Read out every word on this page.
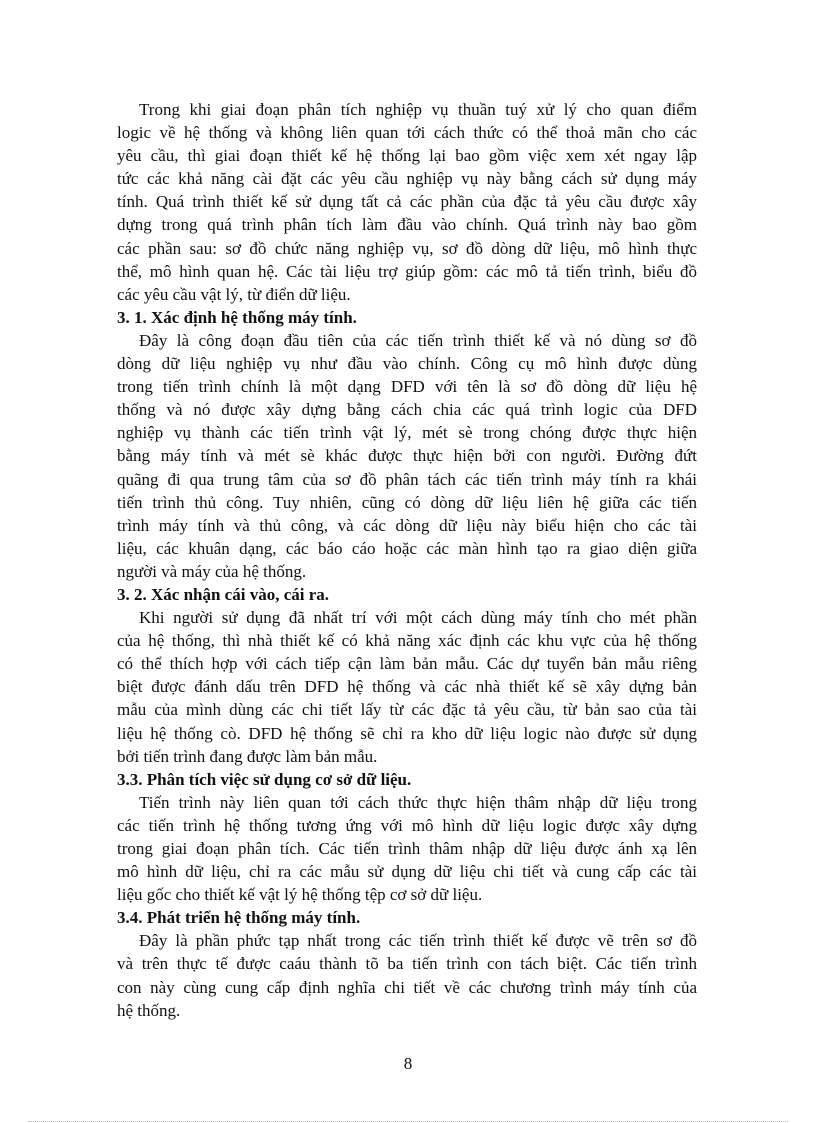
Trong khi giai đoạn phân tích nghiệp vụ thuần tuý xử lý cho quan điểm
logic về hệ thống và không liên quan tới cách thức có thể thoả mãn cho các
yêu cầu, thì giai đoạn thiết kế hệ thống lại bao gồm việc xem xét ngay lập
tức các khả năng cài đặt các yêu cầu nghiệp vụ này bằng cách sử dụng máy
tính. Quá trình thiết kế sử dụng tất cả các phần của đặc tả yêu cầu được xây
dựng trong quá trình phân tích làm đầu vào chính. Quá trình này bao gồm
các phần sau: sơ đồ chức năng nghiệp vụ, sơ đồ dòng dữ liệu, mô hình thực
thể, mô hình quan hệ. Các tài liệu trợ giúp gồm: các mô tả tiến trình, biểu đồ
các yêu cầu vật lý, từ điển dữ liệu.
3. 1. Xác định hệ thống máy tính.
Đây là công đoạn đầu tiên của các tiến trình thiết kế và nó dùng sơ đồ
dòng dữ liệu nghiệp vụ như đầu vào chính. Công cụ mô hình được dùng
trong tiến trình chính là một dạng DFD với tên là sơ đồ dòng dữ liệu hệ
thống và nó được xây dựng bằng cách chia các quá trình logic của DFD
nghiệp vụ thành các tiến trình vật lý, mét sè trong chóng được thực hiện
bằng máy tính và mét sè khác được thực hiện bởi con người. Đường đứt
quãng đi qua trung tâm của sơ đồ phân tách các tiến trình máy tính ra khái
tiến trình thủ công. Tuy nhiên, cũng có dòng dữ liệu liên hệ giữa các tiến
trình máy tính và thủ công, và các dòng dữ liệu này biểu hiện cho các tài
liệu, các khuân dạng, các báo cáo hoặc các màn hình tạo ra giao diện giữa
người và máy của hệ thống.
3. 2. Xác nhận cái vào, cái ra.
Khi người sử dụng đã nhất trí với một cách dùng máy tính cho mét phần
của hệ thống, thì nhà thiết kế có khả năng xác định các khu vực của hệ thống
có thể thích hợp với cách tiếp cận làm bản mẫu. Các dự tuyển bản mẫu riêng
biệt được đánh dấu trên DFD hệ thống và các nhà thiết kế sẽ xây dựng bản
mẫu của mình dùng các chi tiết lấy từ các đặc tả yêu cầu, từ bản sao của tài
liệu hệ thống cò. DFD hệ thống sẽ chỉ ra kho dữ liệu logic nào được sử dụng
bởi tiến trình đang được làm bản mẫu.
3.3. Phân tích việc sử dụng cơ sở dữ liệu.
Tiến trình này liên quan tới cách thức thực hiện thâm nhập dữ liệu trong
các tiến trình hệ thống tương ứng với mô hình dữ liệu logic được xây dựng
trong giai đoạn phân tích. Các tiến trình thâm nhập dữ liệu được ánh xạ lên
mô hình dữ liệu, chỉ ra các mẫu sử dụng dữ liệu chi tiết và cung cấp các tài
liệu gốc cho thiết kế vật lý hệ thống tệp cơ sở dữ liệu.
3.4. Phát triển hệ thống máy tính.
Đây là phần phức tạp nhất trong các tiến trình thiết kế được vẽ trên sơ đồ
và trên thực tế được caáu thành tõ ba tiến trình con tách biệt. Các tiến trình
con này cùng cung cấp định nghĩa chi tiết về các chương trình máy tính của
hệ thống.
8
